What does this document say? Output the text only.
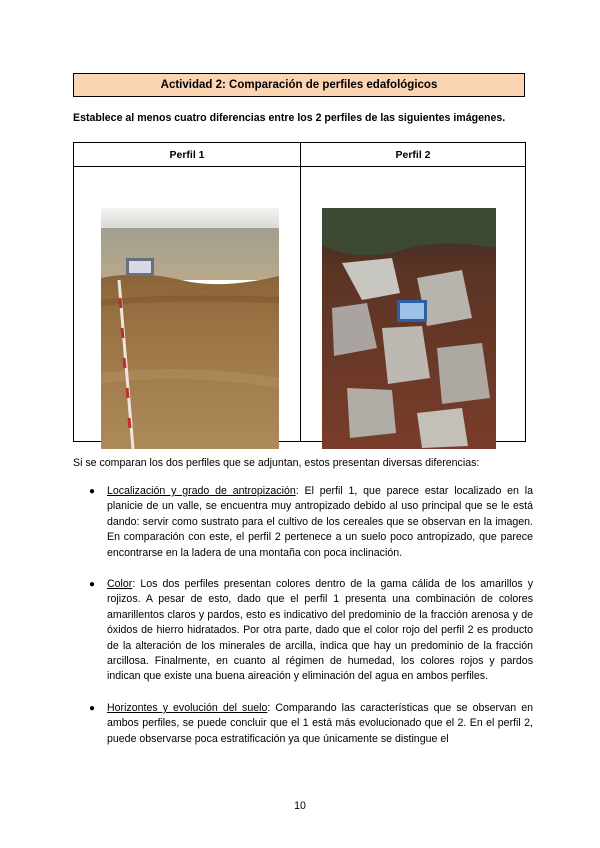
Actividad 2: Comparación de perfiles edafológicos
Establece al menos cuatro diferencias entre los 2 perfiles de las siguientes imágenes.
Perfil 1	Perfil 2

Si se comparan los dos perfiles que se adjuntan, estos presentan diversas diferencias:
● Localización y grado de antropización: El perfil 1, que parece estar localizado en la planicie de un valle, se encuentra muy antropizado debido al uso principal que se le está dando: servir como sustrato para el cultivo de los cereales que se observan en la imagen. En comparación con este, el perfil 2 pertenece a un suelo poco antropizado, que parece encontrarse en la ladera de una montaña con poca inclinación.
● Color: Los dos perfiles presentan colores dentro de la gama cálida de los amarillos y rojizos. A pesar de esto, dado que el perfil 1 presenta una combinación de colores amarillentos claros y pardos, esto es indicativo del predominio de la fracción arenosa y de óxidos de hierro hidratados. Por otra parte, dado que el color rojo del perfil 2 es producto de la alteración de los minerales de arcilla, indica que hay un predominio de la fracción arcillosa. Finalmente, en cuanto al régimen de humedad, los colores rojos y pardos indican que existe una buena aireación y eliminación del agua en ambos perfiles.
● Horizontes y evolución del suelo: Comparando las características que se observan en ambos perfiles, se puede concluir que el 1 está más evolucionado que el 2. En el perfil 2, puede observarse poca estratificación ya que únicamente se distingue el
10
